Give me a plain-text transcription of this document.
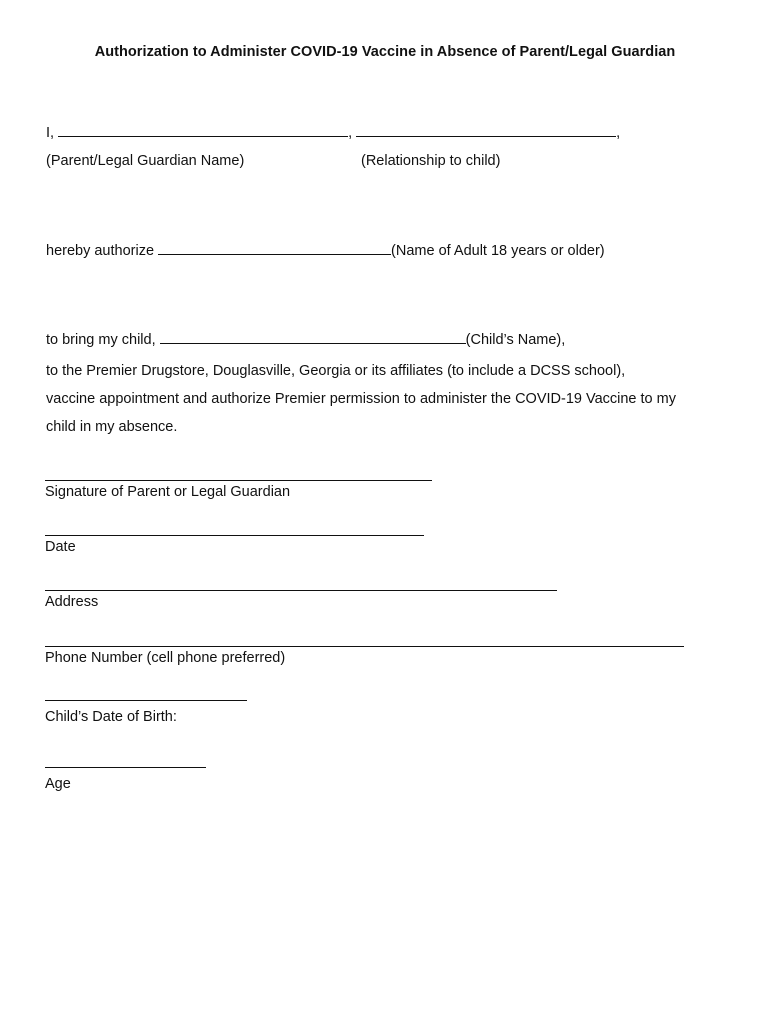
Authorization to Administer COVID-19 Vaccine in Absence of Parent/Legal Guardian
I,	,	,
(Parent/Legal Guardian Name)	(Relationship to child)
hereby authorize	(Name of Adult 18 years or older)
to bring my child,	(Child’s Name),
to the Premier Drugstore, Douglasville, Georgia or its affiliates (to include a DCSS school),
vaccine appointment and authorize Premier permission to administer the COVID-19 Vaccine to my
child in my absence.
Signature of Parent or Legal Guardian
Date
Address
Phone Number (cell phone preferred)
Child’s Date of Birth:
Age
